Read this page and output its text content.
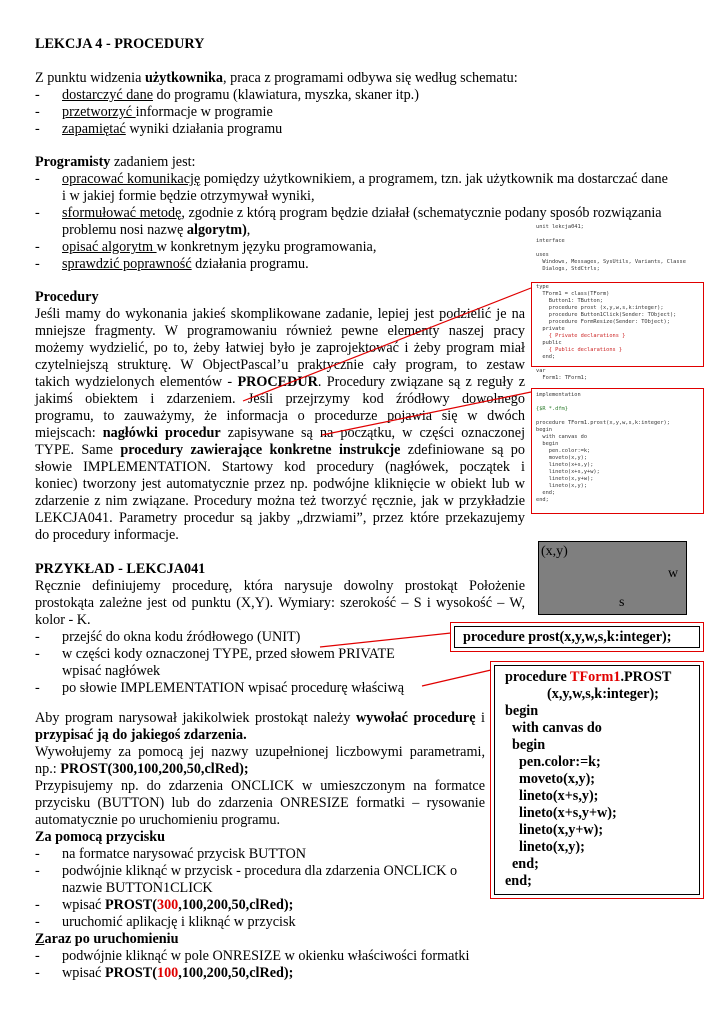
LEKCJA 4 - PROCEDURY
Z punktu widzenia użytkownika, praca z programami odbywa się według schematu:
- dostarczyć dane do programu (klawiatura, myszka, skaner itp.)
- przetworzyć informacje w programie
- zapamiętać wyniki działania programu
Programisty zadaniem jest:
- opracować komunikację pomiędzy użytkownikiem, a programem, tzn. jak użytkownik ma dostarczać dane
i w jakiej formie będzie otrzymywał wyniki,
- sformułować metodę, zgodnie z którą program będzie działał (schematycznie podany sposób rozwiązania
problemu nosi nazwę algorytm),
- opisać algorytm w konkretnym języku programowania,
- sprawdzić poprawność działania programu.
Procedury
Jeśli mamy do wykonania jakieś skomplikowane zadanie, lepiej jest podzielić je na
mniejsze fragmenty. W programowaniu również pewne elementy naszej pracy
możemy wydzielić, po to, żeby łatwiej było je zaprojektować i żeby program miał
czytelniejszą strukturę. W ObjectPascal’u praktycznie cały program, to zestaw
takich wydzielonych elementów - PROCEDUR. Procedury związane są z reguły z
jakimś obiektem i zdarzeniem. Jeśli przejrzymy kod źródłowy dowolnego
programu, to zauważymy, że informacja o procedurze pojawia się w dwóch
miejscach: nagłówki procedur zapisywane są na początku, w części oznaczonej
TYPE. Same procedury zawierające konkretne instrukcje zdefiniowane są po
słowie IMPLEMENTATION. Startowy kod procedury (nagłówek, początek i
koniec) tworzony jest automatycznie przez np. podwójne kliknięcie w obiekt lub w
zdarzenie z nim związane. Procedury można też tworzyć ręcznie, jak w przykładzie
LEKCJA041. Parametry procedur są jakby „drzwiami”, przez które przekazujemy
do procedury informacje.
PRZYKŁAD - LEKCJA041
Ręcznie definiujemy procedurę, która narysuje dowolny prostokąt Położenie
prostokąta zależne jest od punktu (X,Y). Wymiary: szerokość – S i wysokość – W,
kolor - K.
- przejść do okna kodu źródłowego (UNIT)
- w części kody oznaczonej TYPE, przed słowem PRIVATE
wpisać nagłówek
- po słowie IMPLEMENTATION wpisać procedurę właściwą
Aby program narysował jakikolwiek prostokąt należy wywołać procedurę i
przypisać ją do jakiegoś zdarzenia.
Wywołujemy za pomocą jej nazwy uzupełnionej liczbowymi parametrami,
np.: PROST(300,100,200,50,clRed);
Przypisujemy np. do zdarzenia ONCLICK w umieszczonym na formatce
przycisku (BUTTON) lub do zdarzenia ONRESIZE formatki – rysowanie
automatycznie po uruchomieniu programu.
Za pomocą przycisku
- na formatce narysować przycisk BUTTON
- podwójnie kliknąć w przycisk - procedura dla zdarzenia ONCLICK o
nazwie BUTTON1CLICK
- wpisać PROST(300,100,200,50,clRed);
- uruchomić aplikację i kliknąć w przycisk
Zaraz po uruchomieniu
- podwójnie kliknąć w pole ONRESIZE w okienku właściwości formatki
- wpisać PROST(100,100,200,50,clRed);
unit lekcja041;
interface
uses
Windows, Messages, SysUtils, Variants, Classe
Dialogs, StdCtrls;
type
TForm1 = class(TForm)
Button1: TButton;
procedure prost (x,y,w,s,k:integer);
procedure Button1Click(Sender: TObject);
procedure FormResize(Sender: TObject);
private
{ Private declarations }
public
{ Public declarations }
end;
var
Form1: TForm1;
implementation
{$R *.dfm}
procedure TForm1.prost(x,y,w,s,k:integer);
begin
with canvas do
begin
pen.color:=k;
moveto(x,y);
lineto(x+s,y);
lineto(x+s,y+w);
lineto(x,y+w);
lineto(x,y);
end;
end;
(x,y)
w
s
procedure prost(x,y,w,s,k:integer);
procedure TForm1.PROST
(x,y,w,s,k:integer);
begin
with canvas do
begin
pen.color:=k;
moveto(x,y);
lineto(x+s,y);
lineto(x+s,y+w);
lineto(x,y+w);
lineto(x,y);
end;
end;
